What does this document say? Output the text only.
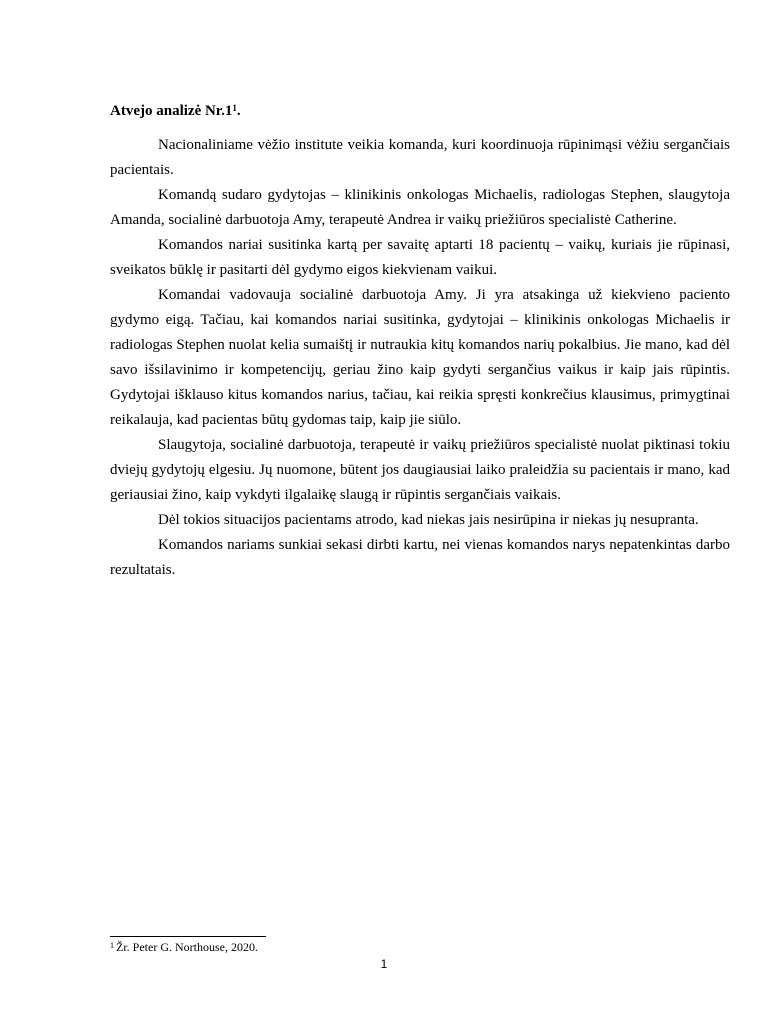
Atvejo analizė $Nr.1^1$.

Nacionaliniame vėžio institute veikia komanda, kuri koordinuoja rūpinimąsi vėžiu sergančiais pacientais.

Komandą sudaro gydytojas – klinikinis onkologas Michaelis, radiologas Stephen, slaugytoja Amanda, socialinė darbuotoja Amy, terapeutė Andrea ir vaikų priežiūros specialistė Catherine.

Komandos nariai susitinka kartą per savaitę aptarti 18 pacientų – vaikų, kuriais jie rūpinasi, sveikatos būklę ir pasitarti dėl gydymo eigos kiekvienam vaikui.

Komandai vadovauja socialinė darbuotoja Amy. Ji yra atsakinga už kiekvieno paciento gydymo eigą. Tačiau, kai komandos nariai susitinka, gydytojai – klinikinis onkologas Michaelis ir radiologas Stephen nuolat kelia sumaištį ir nutraukia kitų komandos narių pokalbius. Jie mano, kad dėl savo išsilavinimo ir kompetencijų, geriau žino kaip gydyti sergančius vaikus ir kaip jais rūpintis. Gydytojai išklauso kitus komandos narius, tačiau, kai reikia spręsti konkrečius klausimus, primygtinai reikalauja, kad pacientas būtų gydomas taip, kaip jie siūlo.

Slaugytoja, socialinė darbuotoja, terapeutė ir vaikų priežiūros specialistė nuolat piktinasi tokiu dviejų gydytojų elgesiu. Jų nuomone, būtent jos daugiausiai laiko praleidžia su pacientais ir mano, kad geriausiai žino, kaip vykdyti ilgalaikę slaugą ir rūpintis sergančiais vaikais.

Dėl tokios situacijos pacientams atrodo, kad niekas jais nesirūpina ir niekas jų nesupranta.

Komandos nariams sunkiai sekasi dirbti kartu, nei vienas komandos narys nepatenkintas darbo rezultatais.

$^1$ Žr. Peter G. Northouse, 2020.
1
